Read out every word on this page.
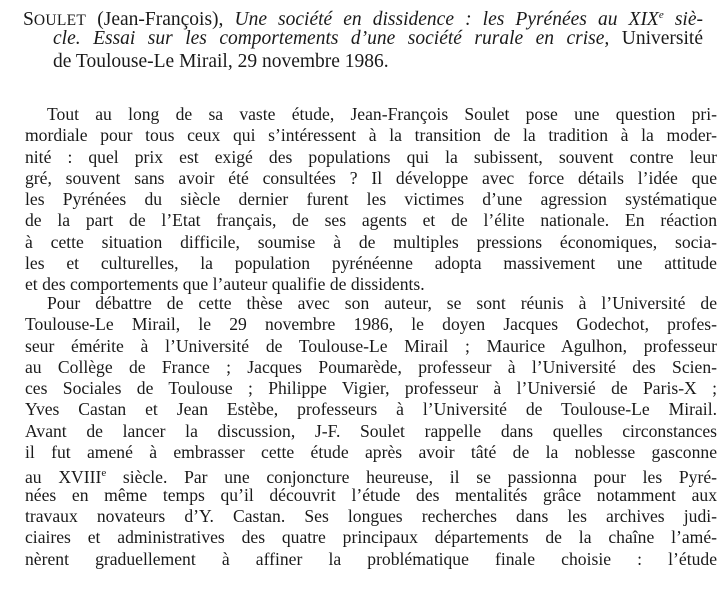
SOULET (Jean-François), Une société en dissidence : les Pyrénées au XIXe siè-
cle. Essai sur les comportements d’une société rurale en crise, Université
de Toulouse-Le Mirail, 29 novembre 1986.
Tout au long de sa vaste étude, Jean-François Soulet pose une question pri-
mordiale pour tous ceux qui s’intéressent à la transition de la tradition à la moder-
nité : quel prix est exigé des populations qui la subissent, souvent contre leur
gré, souvent sans avoir été consultées ? Il développe avec force détails l’idée que
les Pyrénées du siècle dernier furent les victimes d’une agression systématique
de la part de l’Etat français, de ses agents et de l’élite nationale. En réaction
à cette situation difficile, soumise à de multiples pressions économiques, socia-
les et culturelles, la population pyrénéenne adopta massivement une attitude
et des comportements que l’auteur qualifie de dissidents.
Pour débattre de cette thèse avec son auteur, se sont réunis à l’Université de
Toulouse-Le Mirail, le 29 novembre 1986, le doyen Jacques Godechot, profes-
seur émérite à l’Université de Toulouse-Le Mirail ; Maurice Agulhon, professeur
au Collège de France ; Jacques Poumarède, professeur à l’Université des Scien-
ces Sociales de Toulouse ; Philippe Vigier, professeur à l’Universié de Paris-X ;
Yves Castan et Jean Estèbe, professeurs à l’Université de Toulouse-Le Mirail.
Avant de lancer la discussion, J-F. Soulet rappelle dans quelles circonstances
il fut amené à embrasser cette étude après avoir tâté de la noblesse gasconne
au XVIIIe siècle. Par une conjoncture heureuse, il se passionna pour les Pyré-
nées en même temps qu’il découvrit l’étude des mentalités grâce notamment aux
travaux novateurs d’Y. Castan. Ses longues recherches dans les archives judi-
ciaires et administratives des quatre principaux départements de la chaîne l’amé-
nèrent graduellement à affiner la problématique finale choisie : l’étude
